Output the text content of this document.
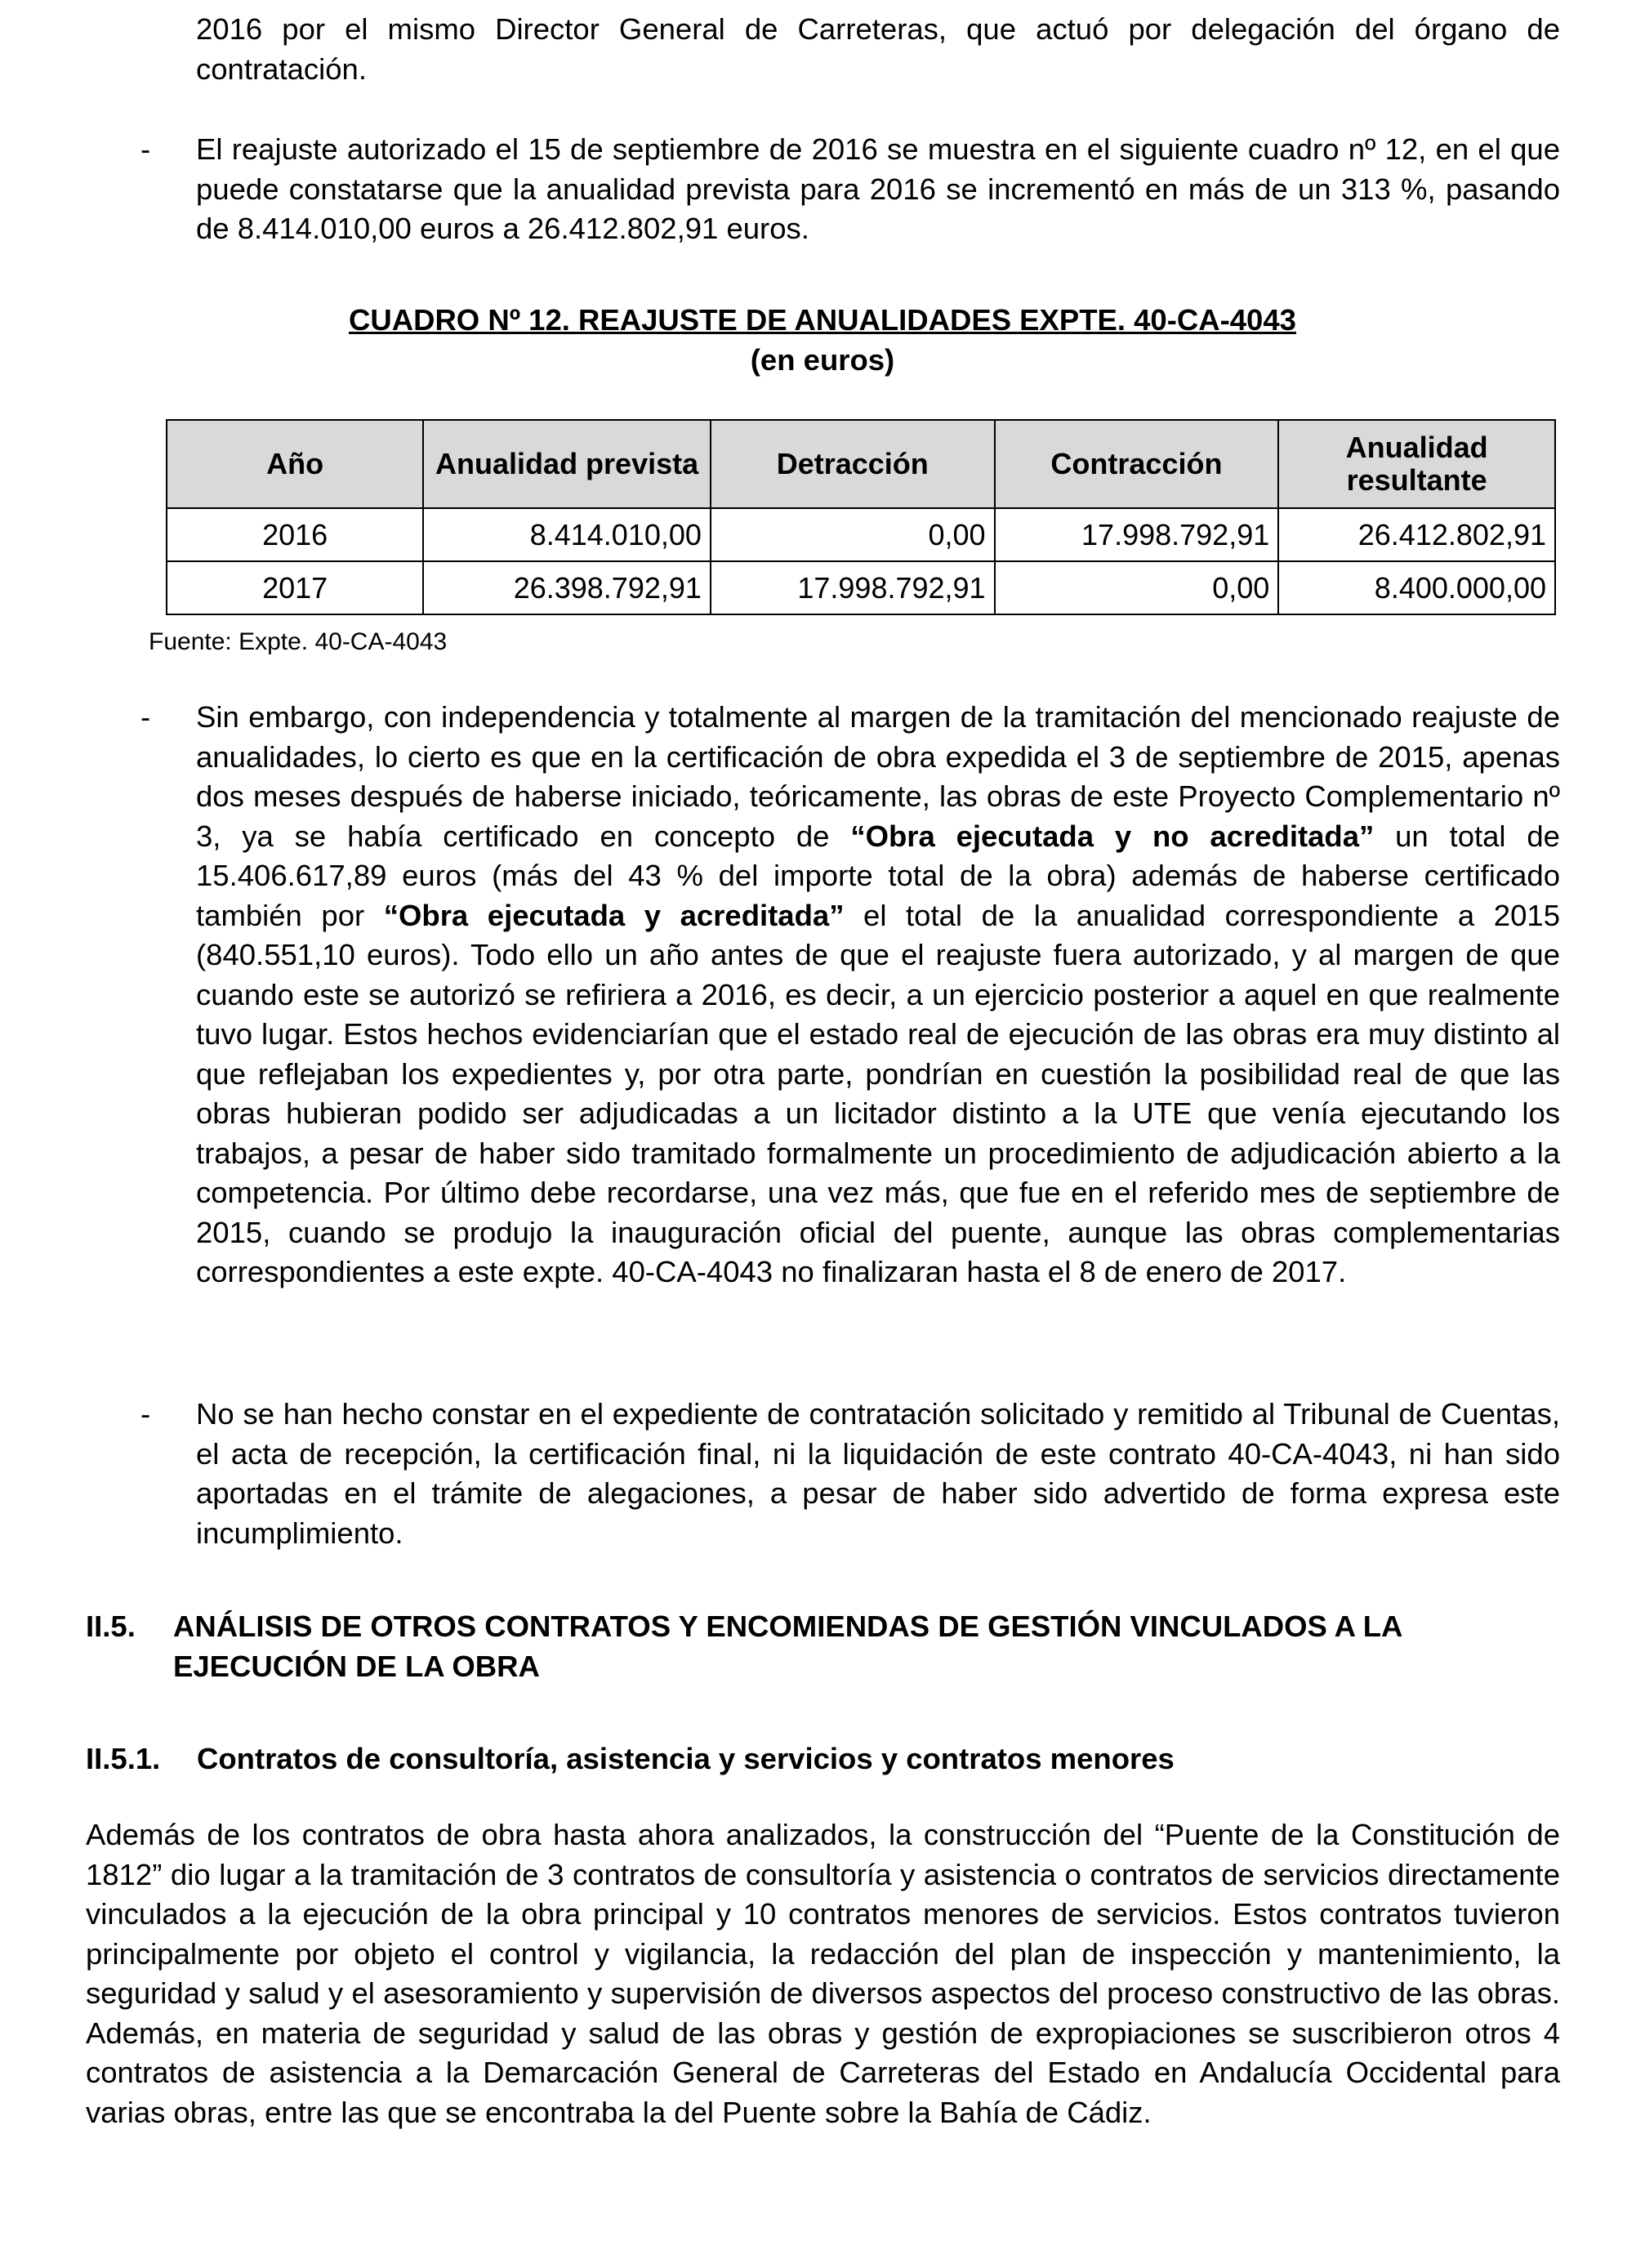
2016 por el mismo Director General de Carreteras, que actuó por delegación del órgano de contratación.

- El reajuste autorizado el 15 de septiembre de 2016 se muestra en el siguiente cuadro nº 12, en el que puede constatarse que la anualidad prevista para 2016 se incrementó en más de un 313 %, pasando de 8.414.010,00 euros a 26.412.802,91 euros.

CUADRO Nº 12. REAJUSTE DE ANUALIDADES EXPTE. 40-CA-4043
(en euros)
Año	Anualidad prevista	Detracción	Contracción	Anualidad resultante
2016	8.414.010,00	0,00	17.998.792,91	26.412.802,91
2017	26.398.792,91	17.998.792,91	0,00	8.400.000,00
Fuente: Expte. 40-CA-4043
- Sin embargo, con independencia y totalmente al margen de la tramitación del mencionado reajuste de anualidades, lo cierto es que en la certificación de obra expedida el 3 de septiembre de 2015, apenas dos meses después de haberse iniciado, teóricamente, las obras de este Proyecto Complementario nº 3, ya se había certificado en concepto de “Obra ejecutada y no acreditada” un total de 15.406.617,89 euros (más del 43 % del importe total de la obra) además de haberse certificado también por “Obra ejecutada y acreditada” el total de la anualidad correspondiente a 2015 (840.551,10 euros). Todo ello un año antes de que el reajuste fuera autorizado, y al margen de que cuando este se autorizó se refiriera a 2016, es decir, a un ejercicio posterior a aquel en que realmente tuvo lugar. Estos hechos evidenciarían que el estado real de ejecución de las obras era muy distinto al que reflejaban los expedientes y, por otra parte, pondrían en cuestión la posibilidad real de que las obras hubieran podido ser adjudicadas a un licitador distinto a la UTE que venía ejecutando los trabajos, a pesar de haber sido tramitado formalmente un procedimiento de adjudicación abierto a la competencia. Por último debe recordarse, una vez más, que fue en el referido mes de septiembre de 2015, cuando se produjo la inauguración oficial del puente, aunque las obras complementarias correspondientes a este expte. 40-CA-4043 no finalizaran hasta el 8 de enero de 2017.

- No se han hecho constar en el expediente de contratación solicitado y remitido al Tribunal de Cuentas, el acta de recepción, la certificación final, ni la liquidación de este contrato 40-CA-4043, ni han sido aportadas en el trámite de alegaciones, a pesar de haber sido advertido de forma expresa este incumplimiento.

II.5. ANÁLISIS DE OTROS CONTRATOS Y ENCOMIENDAS DE GESTIÓN VINCULADOS A LA EJECUCIÓN DE LA OBRA
II.5.1. Contratos de consultoría, asistencia y servicios y contratos menores

Además de los contratos de obra hasta ahora analizados, la construcción del “Puente de la Constitución de 1812” dio lugar a la tramitación de 3 contratos de consultoría y asistencia o contratos de servicios directamente vinculados a la ejecución de la obra principal y 10 contratos menores de servicios. Estos contratos tuvieron principalmente por objeto el control y vigilancia, la redacción del plan de inspección y mantenimiento, la seguridad y salud y el asesoramiento y supervisión de diversos aspectos del proceso constructivo de las obras. Además, en materia de seguridad y salud de las obras y gestión de expropiaciones se suscribieron otros 4 contratos de asistencia a la Demarcación General de Carreteras del Estado en Andalucía Occidental para varias obras, entre las que se encontraba la del Puente sobre la Bahía de Cádiz.
